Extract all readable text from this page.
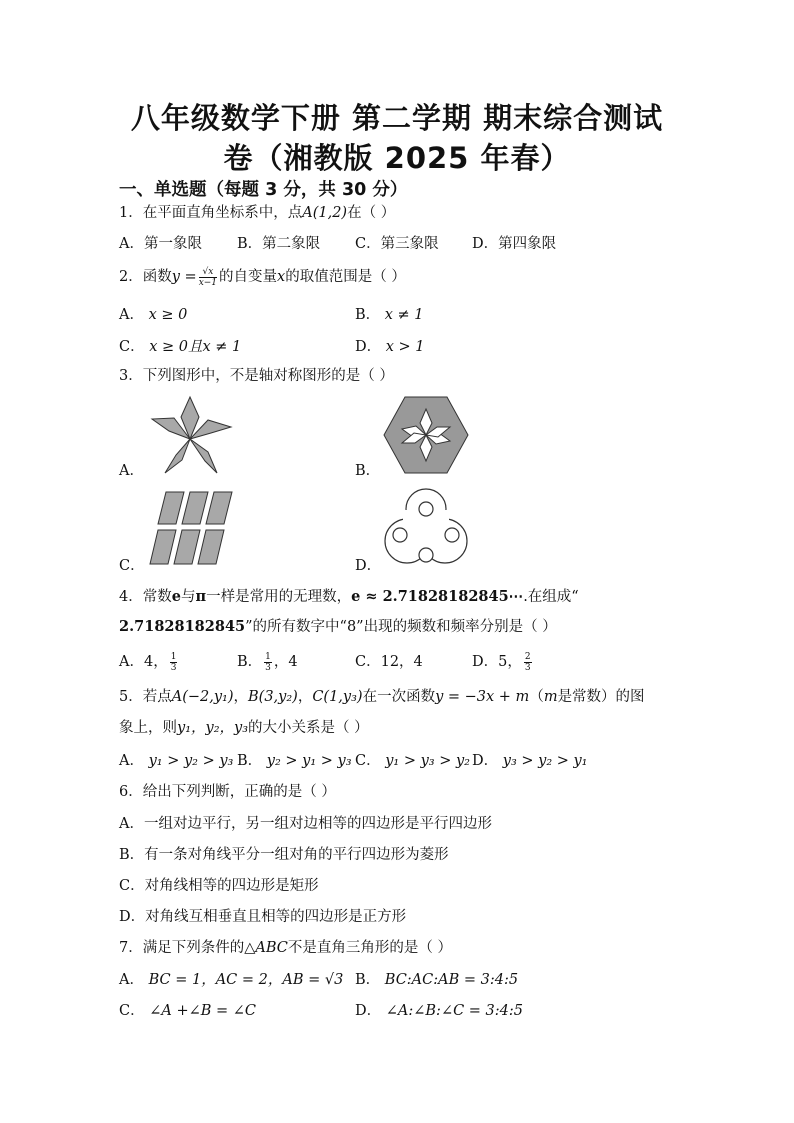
八年级数学下册 第二学期 期末综合测试
卷（湘教版 2025 年春）
一、单选题（每题 3 分，共 30 分）
1．在平面直角坐标系中，点A(1,2)在（ ）
A．第一象限 B．第二象限 C．第三象限 D．第四象限
2．函数$y = \frac{√x}{x-1}$ 的自变量x的取值范围是（ ）
A． x ≥ 0	B． x ≠ 1
C． x ≥ 0且x ≠ 1	D． x > 1
3．下列图形中，不是轴对称图形的是（ ）
A．	B．
C．	D．
4．常数e与π一样是常用的无理数，e ≈ 2.71828182845⋯.在组成“
2.71828182845”的所有数字中“8”出现的频数和频率分别是（ ）
A．4， $\frac{1}{3}$	B． $\frac{1}{3}$ ，4	C．12，4	D．5， $\frac{2}{3}$
5．若点A(−2,y₁)，B(3,y₂)，C(1,y₃)在一次函数y = −3x + m（m是常数）的图
象上，则y₁，y₂，y₃的大小关系是（ ）
A． y₁ > y₂ > y₃ B． y₂ > y₁ > y₃ C． y₁ > y₃ > y₂ D． y₃ > y₂ > y₁
6．给出下列判断，正确的是（ ）
A．一组对边平行，另一组对边相等的四边形是平行四边形
B．有一条对角线平分一组对角的平行四边形为菱形
C．对角线相等的四边形是矩形
D．对角线互相垂直且相等的四边形是正方形
7．满足下列条件的△ABC不是直角三角形的是（ ）
A． BC = 1，AC = 2，AB = √3 B． BC:AC:AB = 3:4:5
C． ∠A +∠B = ∠C	D． ∠A:∠B:∠C = 3:4:5
